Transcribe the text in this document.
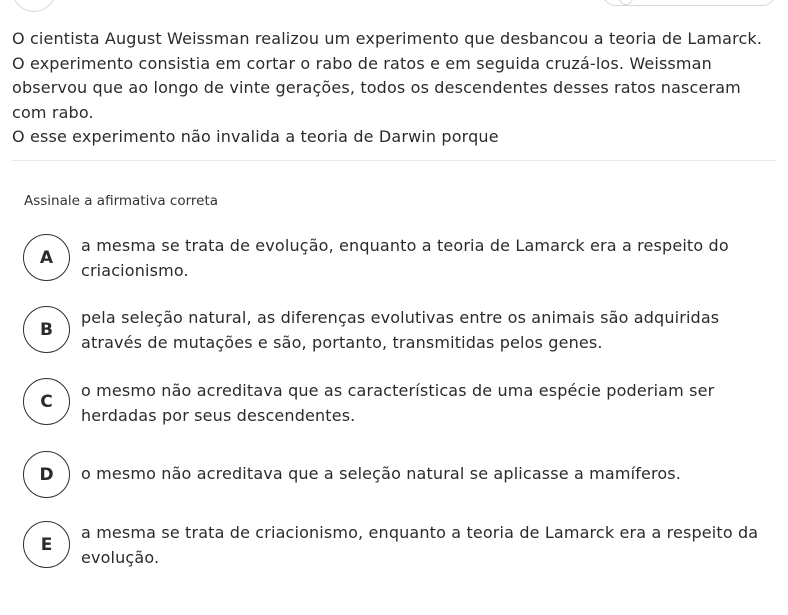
O cientista August Weissman realizou um experimento que desbancou a teoria de Lamarck. O experimento consistia em cortar o rabo de ratos e em seguida cruzá-los. Weissman observou que ao longo de vinte gerações, todos os descendentes desses ratos nasceram com rabo.

O esse experimento não invalida a teoria de Darwin porque

Assinale a afirmativa correta
A
a mesma se trata de evolução, enquanto a teoria de Lamarck era a respeito do criacionismo.
B
pela seleção natural, as diferenças evolutivas entre os animais são adquiridas através de mutações e são, portanto, transmitidas pelos genes.
C
o mesmo não acreditava que as características de uma espécie poderiam ser herdadas por seus descendentes.
D	o mesmo não acreditava que a seleção natural se aplicasse a mamíferos.
E
a mesma se trata de criacionismo, enquanto a teoria de Lamarck era a respeito da evolução.
